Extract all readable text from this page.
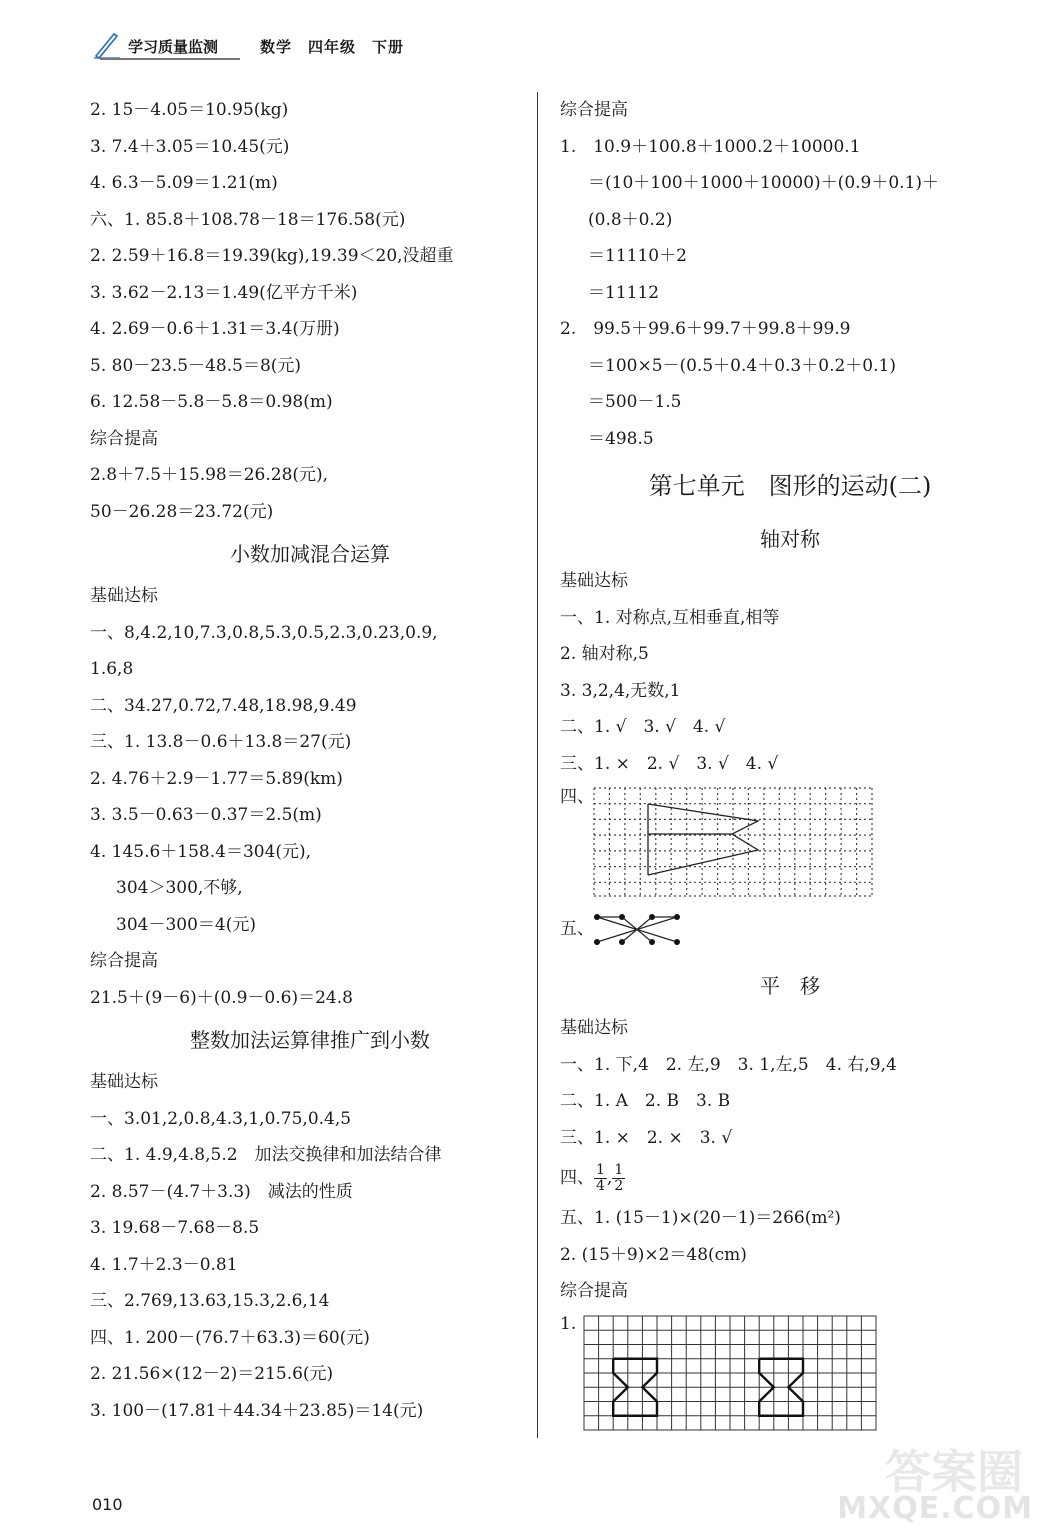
学习质量监测	数学　四年级　下册
2. 15－4.05＝10.95(kg)
3. 7.4＋3.05＝10.45(元)
4. 6.3－5.09＝1.21(m)
六、1. 85.8＋108.78－18＝176.58(元)
2. 2.59＋16.8＝19.39(kg),19.39＜20,没超重
3. 3.62－2.13＝1.49(亿平方千米)
4. 2.69－0.6＋1.31＝3.4(万册)
5. 80－23.5－48.5＝8(元)
6. 12.58－5.8－5.8＝0.98(m)
综合提高
2.8＋7.5＋15.98＝26.28(元),
50－26.28＝23.72(元)
小数加减混合运算
基础达标
一、8,4.2,10,7.3,0.8,5.3,0.5,2.3,0.23,0.9,
1.6,8
二、34.27,0.72,7.48,18.98,9.49
三、1. 13.8－0.6＋13.8＝27(元)
2. 4.76＋2.9－1.77＝5.89(km)
3. 3.5－0.63－0.37＝2.5(m)
4. 145.6＋158.4＝304(元),
304＞300,不够,
304－300＝4(元)
综合提高
21.5＋(9－6)＋(0.9－0.6)＝24.8
整数加法运算律推广到小数
基础达标
一、3.01,2,0.8,4.3,1,0.75,0.4,5
二、1. 4.9,4.8,5.2　加法交换律和加法结合律
2. 8.57－(4.7＋3.3)　减法的性质
3. 19.68－7.68－8.5
4. 1.7＋2.3－0.81
三、2.769,13.63,15.3,2.6,14
四、1. 200－(76.7＋63.3)＝60(元)
2. 21.56×(12－2)＝215.6(元)
3. 100－(17.81＋44.34＋23.85)＝14(元)
综合提高
1.　10.9＋100.8＋1000.2＋10000.1
＝(10＋100＋1000＋10000)＋(0.9＋0.1)＋
(0.8＋0.2)
＝11110＋2
＝11112
2.　99.5＋99.6＋99.7＋99.8＋99.9
＝100×5－(0.5＋0.4＋0.3＋0.2＋0.1)
＝500－1.5
＝498.5
第七单元　图形的运动(二)
轴对称
基础达标
一、1. 对称点,互相垂直,相等
2. 轴对称,5
3. 3,2,4,无数,1
二、1. √　3. √　4. √
三、1. ×　2. √　3. √　4. √
四、
五、
平　移
基础达标
一、1. 下,4　2. 左,9　3. 1,左,5　4. 右,9,4
二、1. A　2. B　3. B
三、1. ×　2. ×　3. √
四、 $\frac{1}{4}$ , $\frac{1}{2}$
五、1. (15－1)×(20－1)＝266(m²)
2. (15＋9)×2＝48(cm)
综合提高
1.
010
答案圈
MXQE.COM
